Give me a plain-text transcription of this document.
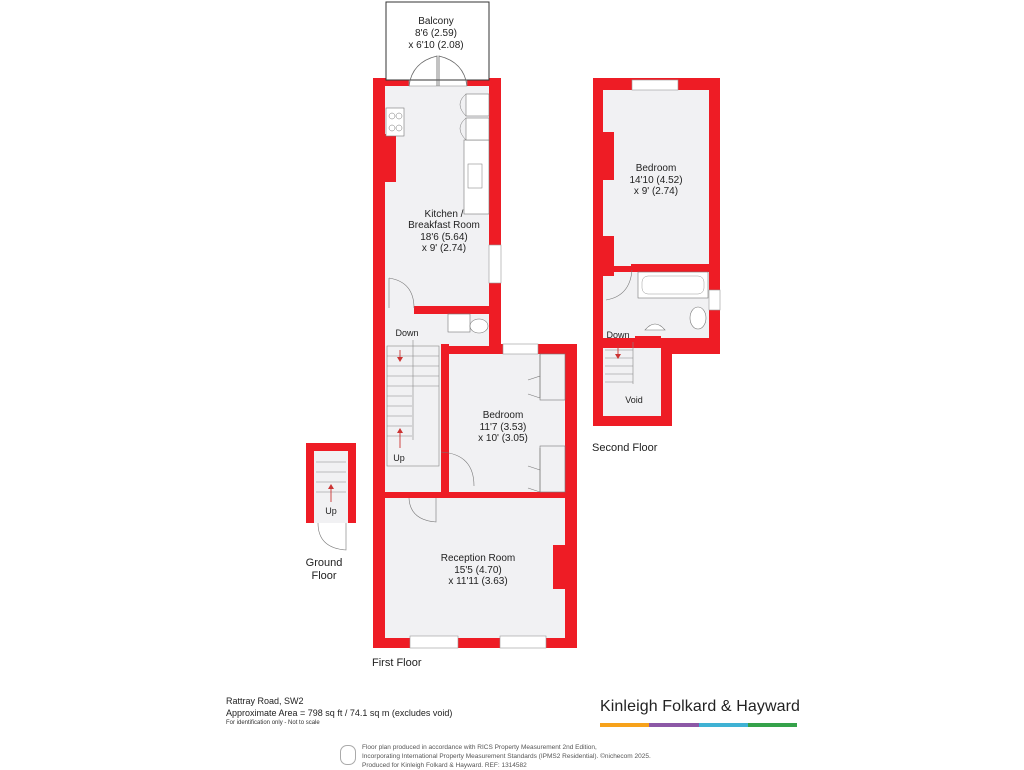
Balcony
8'6 (2.59)
x 6'10 (2.08)
Kitchen /
Breakfast Room
18'6 (5.64)
x 9' (2.74)
Bedroom
11'7 (3.53)
x 10' (3.05)
Reception Room
15'5 (4.70)
x 11'11 (3.63)
Bedroom
14'10 (4.52)
x 9' (2.74)
Down
Up
Down
Void
Up
First Floor
Second Floor
Ground
Floor
Rattray Road, SW2
Approximate Area = 798 sq ft / 74.1 sq m (excludes void)
For identification only - Not to scale
Kinleigh Folkard & Hayward
Floor plan produced in accordance with RICS Property Measurement 2nd Edition,
Incorporating International Property Measurement Standards (IPMS2 Residential). ©nichecom 2025.
Produced for Kinleigh Folkard & Hayward. REF: 1314582
